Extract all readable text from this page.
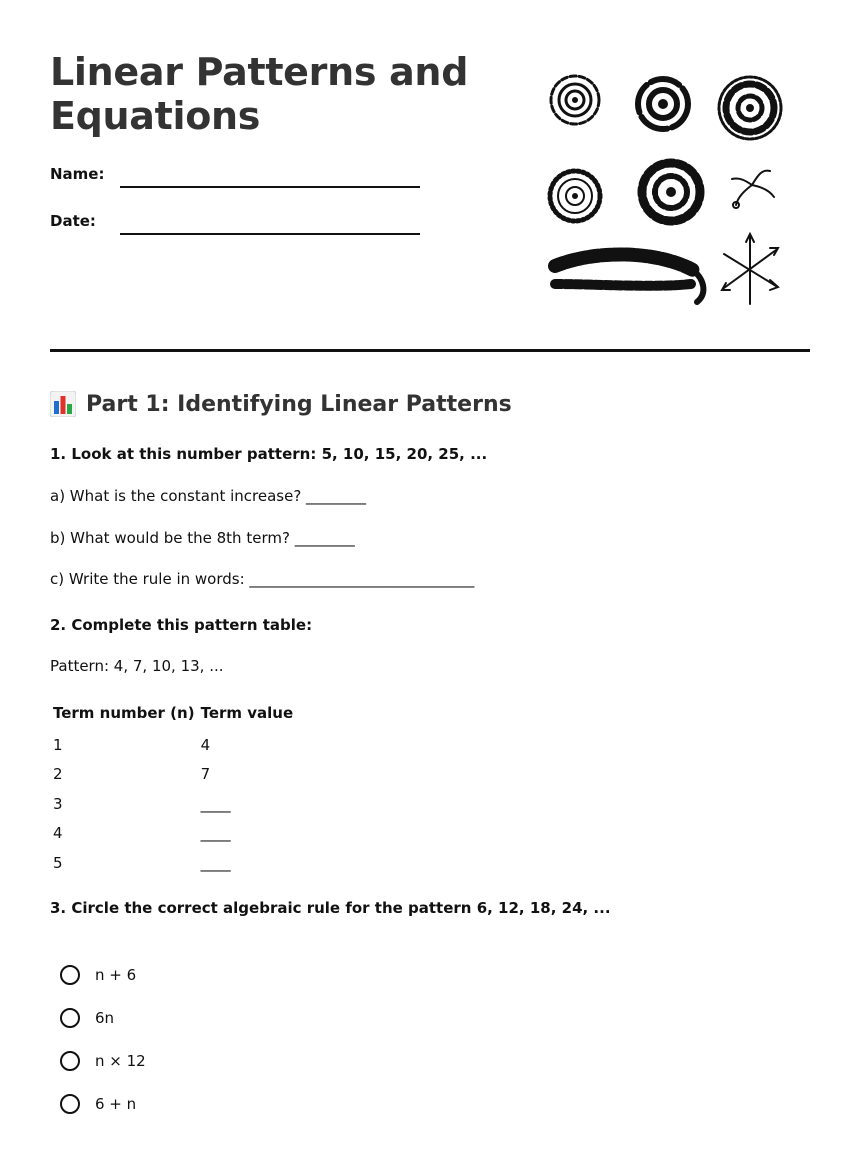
Linear Patterns and Equations
Name:
Date:
Part 1: Identifying Linear Patterns
1. Look at this number pattern: 5, 10, 15, 20, 25, ...
a) What is the constant increase? ________
b) What would be the 8th term? ________
c) Write the rule in words: ______________________________
2. Complete this pattern table:
Pattern: 4, 7, 10, 13, ...
Term number (n)	Term value
1	4
2	7
3	____
4	____
5	____
3. Circle the correct algebraic rule for the pattern 6, 12, 18, 24, ...
n + 6
6n
n × 12
6 + n
